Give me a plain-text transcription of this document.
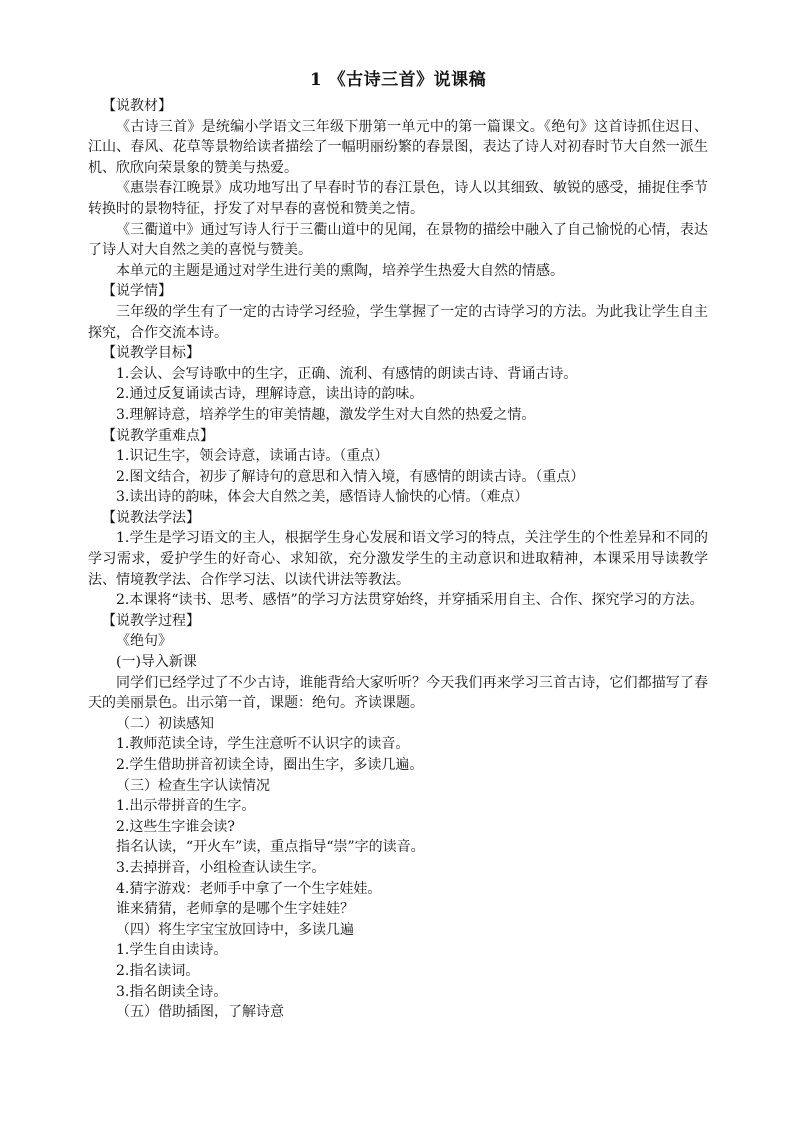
1 《古诗三首》说课稿

【说教材】

《古诗三首》是统编小学语文三年级下册第一单元中的第一篇课文。《绝句》这首诗抓住迟日、江山、春风、花草等景物给读者描绘了一幅明丽纷繁的春景图，表达了诗人对初春时节大自然一派生机、欣欣向荣景象的赞美与热爱。

《惠崇春江晚景》成功地写出了早春时节的春江景色，诗人以其细致、敏锐的感受，捕捉住季节转换时的景物特征，抒发了对早春的喜悦和赞美之情。

《三衢道中》通过写诗人行于三衢山道中的见闻，在景物的描绘中融入了自己愉悦的心情，表达了诗人对大自然之美的喜悦与赞美。

本单元的主题是通过对学生进行美的熏陶，培养学生热爱大自然的情感。

【说学情】

三年级的学生有了一定的古诗学习经验，学生掌握了一定的古诗学习的方法。为此我让学生自主探究，合作交流本诗。

【说教学目标】

1.会认、会写诗歌中的生字，正确、流利、有感情的朗读古诗、背诵古诗。

2.通过反复诵读古诗，理解诗意，读出诗的韵味。

3.理解诗意，培养学生的审美情趣，激发学生对大自然的热爱之情。

【说教学重难点】

1.识记生字，领会诗意，读诵古诗。（重点）

2.图文结合，初步了解诗句的意思和入情入境，有感情的朗读古诗。（重点）

3.读出诗的韵味，体会大自然之美，感悟诗人愉快的心情。（难点）

【说教法学法】

1.学生是学习语文的主人，根据学生身心发展和语文学习的特点，关注学生的个性差异和不同的学习需求，爱护学生的好奇心、求知欲，充分激发学生的主动意识和进取精神，本课采用导读教学法、情境教学法、合作学习法、以读代讲法等教法。

2.本课将“读书、思考、感悟”的学习方法贯穿始终，并穿插采用自主、合作、探究学习的方法。

【说教学过程】

《绝句》

(一)导入新课

同学们已经学过了不少古诗，谁能背给大家听听？今天我们再来学习三首古诗，它们都描写了春天的美丽景色。出示第一首，课题：绝句。齐读课题。

（二）初读感知

1.教师范读全诗，学生注意听不认识字的读音。

2.学生借助拼音初读全诗，圈出生字，多读几遍。

（三）检查生字认读情况

1.出示带拼音的生字。

2.这些生字谁会读?

指名认读，“开火车”读，重点指导“崇”字的读音。

3.去掉拼音，小组检查认读生字。

4.猜字游戏：老师手中拿了一个生字娃娃。

谁来猜猜，老师拿的是哪个生字娃娃？

（四）将生字宝宝放回诗中，多读几遍

1.学生自由读诗。

2.指名读词。

3.指名朗读全诗。

（五）借助插图，了解诗意
